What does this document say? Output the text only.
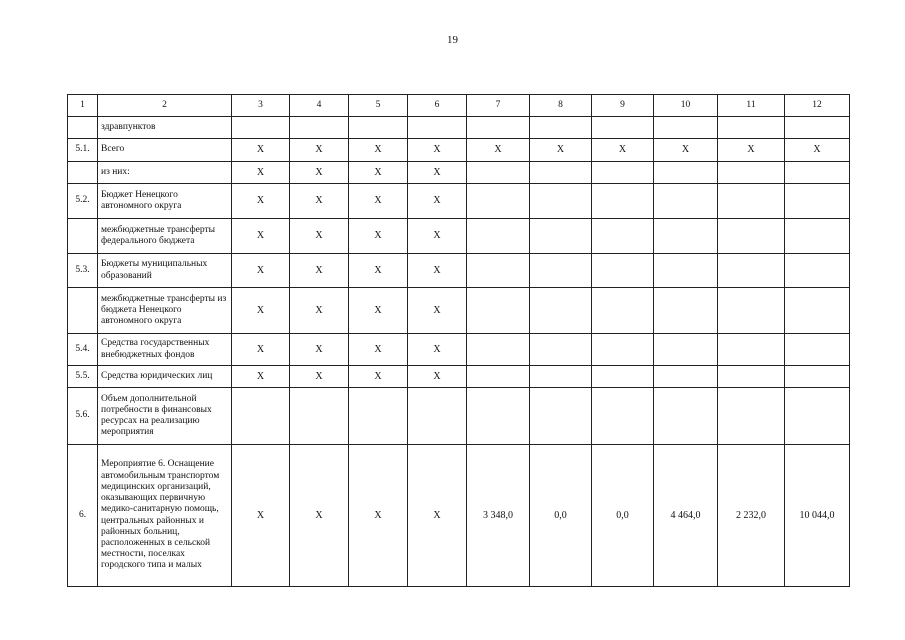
19
1	2	3	4	5	6	7	8	9	10	11	12
	здравпунктов										
5.1.	Всего	Х	Х	Х	Х	Х	Х	Х	Х	Х	Х
	из них:	Х	Х	Х	Х						
5.2.	Бюджет Ненецкого автономного округа	Х	Х	Х	Х						
	межбюджетные трансферты федерального бюджета	Х	Х	Х	Х						
5.3.	Бюджеты муниципальных образований	Х	Х	Х	Х						
	межбюджетные трансферты из бюджета Ненецкого автономного округа	Х	Х	Х	Х						
5.4.	Средства государственных внебюджетных фондов	Х	Х	Х	Х						
5.5.	Средства юридических лиц	Х	Х	Х	Х						
5.6.	Объем дополнительной потребности в финансовых ресурсах на реализацию мероприятия										
6.	Мероприятие 6. Оснащение автомобильным транспортом медицинских организаций, оказывающих первичную медико-санитарную помощь, центральных районных и районных больниц, расположенных в сельской местности, поселках городского типа и малых	Х	Х	Х	Х	3 348,0	0,0	0,0	4 464,0	2 232,0	10 044,0
